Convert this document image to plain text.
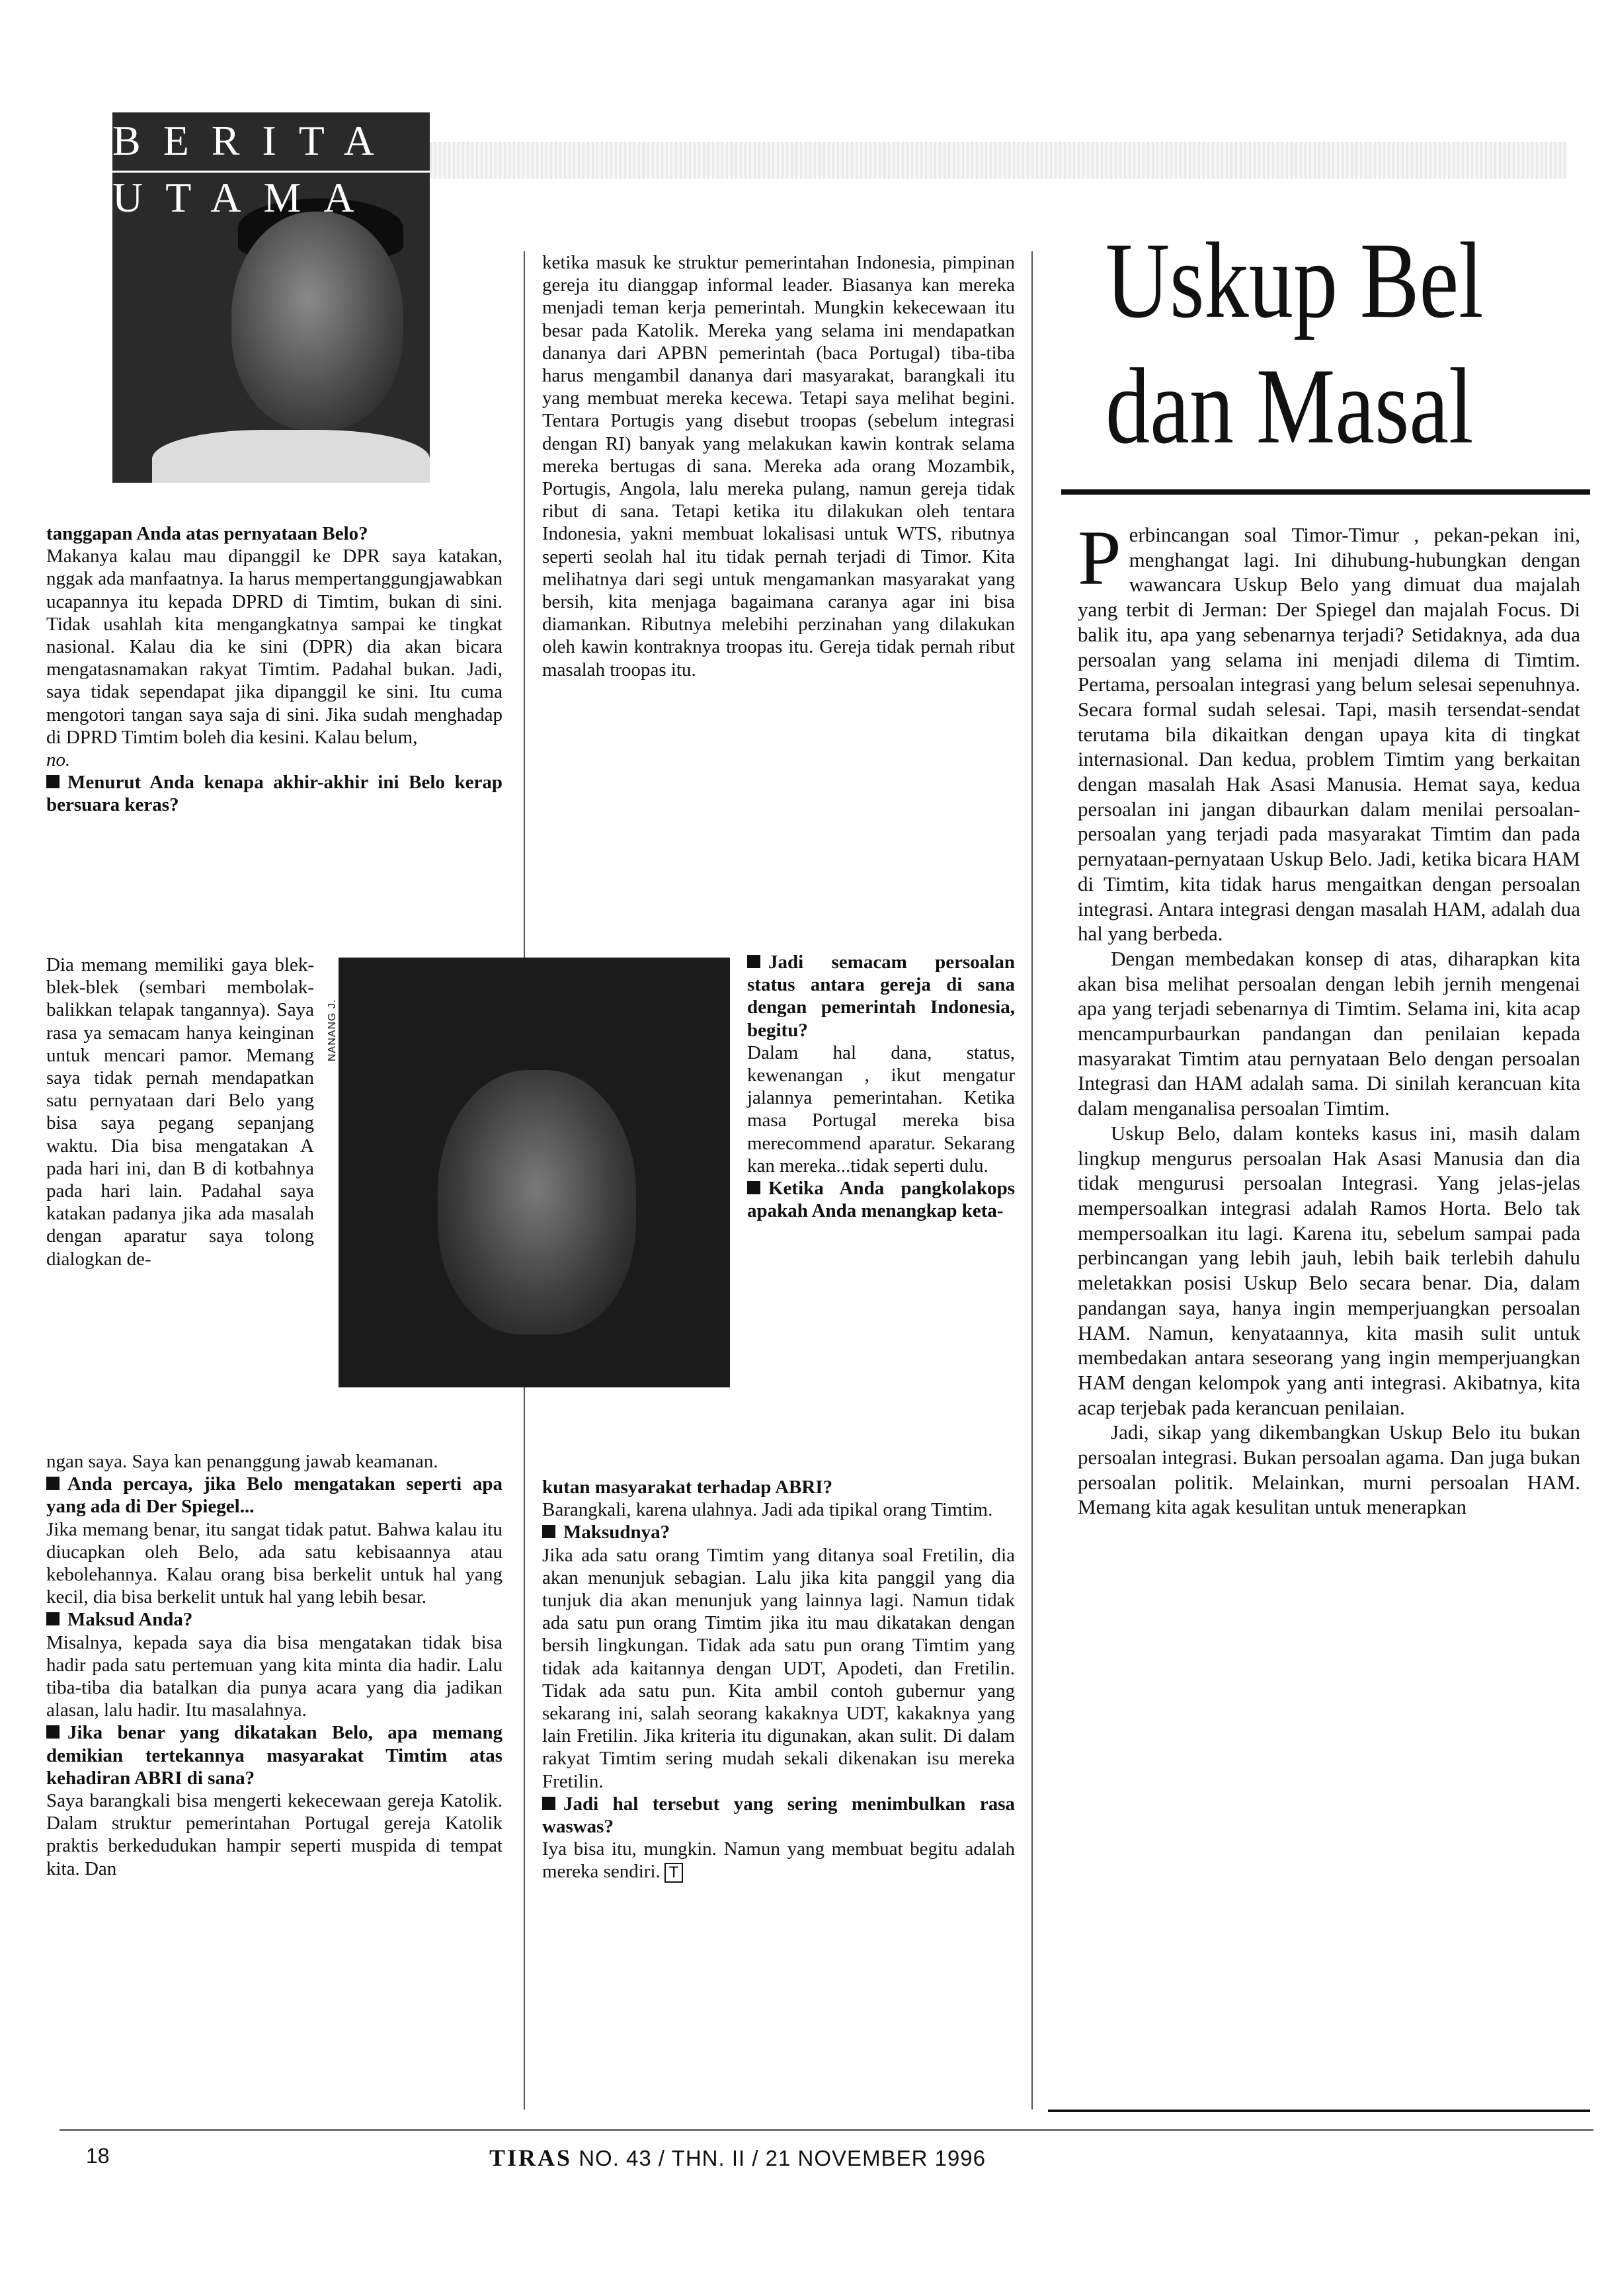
BERITA
UTAMA

tanggapan Anda atas pernyataan Belo?

Makanya kalau mau dipanggil ke DPR saya katakan, nggak ada manfaatnya. Ia harus mempertanggungjawabkan ucapannya itu kepada DPRD di Timtim, bukan di sini. Tidak usahlah kita mengangkatnya sampai ke tingkat nasional. Kalau dia ke sini (DPR) dia akan bicara mengatasnamakan rakyat Timtim. Padahal bukan. Jadi, saya tidak sependapat jika dipanggil ke sini. Itu cuma mengotori tangan saya saja di sini. Jika sudah menghadap di DPRD Timtim boleh dia kesini. Kalau belum,

no.

Menurut Anda kenapa akhir-akhir ini Belo kerap bersuara keras?

Dia memang memiliki gaya blek-blek-blek (sembari membolak-balikkan telapak tangannya). Saya rasa ya semacam hanya keinginan untuk mencari pamor. Memang saya tidak pernah mendapatkan satu pernyataan dari Belo yang bisa saya pegang sepanjang waktu. Dia bisa mengatakan A pada hari ini, dan B di kotbahnya pada hari lain. Padahal saya katakan padanya jika ada masalah dengan aparatur saya tolong dialogkan de-

ngan saya. Saya kan penanggung jawab keamanan.

Anda percaya, jika Belo mengatakan seperti apa yang ada di Der Spiegel...

Jika memang benar, itu sangat tidak patut. Bahwa kalau itu diucapkan oleh Belo, ada satu kebisaannya atau kebolehannya. Kalau orang bisa berkelit untuk hal yang kecil, dia bisa berkelit untuk hal yang lebih besar.

Maksud Anda?

Misalnya, kepada saya dia bisa mengatakan tidak bisa hadir pada satu pertemuan yang kita minta dia hadir. Lalu tiba-tiba dia batalkan dia punya acara yang dia jadikan alasan, lalu hadir. Itu masalahnya.

Jika benar yang dikatakan Belo, apa memang demikian tertekannya masyarakat Timtim atas kehadiran ABRI di sana?

Saya barangkali bisa mengerti kekecewaan gereja Katolik. Dalam struktur pemerintahan Portugal gereja Katolik praktis berkedudukan hampir seperti muspida di tempat kita. Dan

ketika masuk ke struktur pemerintahan Indonesia, pimpinan gereja itu dianggap informal leader. Biasanya kan mereka menjadi teman kerja pemerintah. Mungkin kekecewaan itu besar pada Katolik. Mereka yang selama ini mendapatkan dananya dari APBN pemerintah (baca Portugal) tiba-tiba harus mengambil dananya dari masyarakat, barangkali itu yang membuat mereka kecewa. Tetapi saya melihat begini. Tentara Portugis yang disebut troopas (sebelum integrasi dengan RI) banyak yang melakukan kawin kontrak selama mereka bertugas di sana. Mereka ada orang Mozambik, Portugis, Angola, lalu mereka pulang, namun gereja tidak ribut di sana. Tetapi ketika itu dilakukan oleh tentara Indonesia, yakni membuat lokalisasi untuk WTS, ributnya seperti seolah hal itu tidak pernah terjadi di Timor. Kita melihatnya dari segi untuk mengamankan masyarakat yang bersih, kita menjaga bagaimana caranya agar ini bisa diamankan. Ributnya melebihi perzinahan yang dilakukan oleh kawin kontraknya troopas itu. Gereja tidak pernah ribut masalah troopas itu.

NANANG J.

Jadi semacam persoalan status antara gereja di sana dengan pemerintah Indonesia, begitu?

Dalam hal dana, status, kewenangan , ikut mengatur jalannya pemerintahan. Ketika masa Portugal mereka bisa merecommend aparatur. Sekarang kan mereka...tidak seperti dulu.

Ketika Anda pangkolakops apakah Anda menangkap keta-

kutan masyarakat terhadap ABRI?

Barangkali, karena ulahnya. Jadi ada tipikal orang Timtim.

Maksudnya?

Jika ada satu orang Timtim yang ditanya soal Fretilin, dia akan menunjuk sebagian. Lalu jika kita panggil yang dia tunjuk dia akan menunjuk yang lainnya lagi. Namun tidak ada satu pun orang Timtim jika itu mau dikatakan dengan bersih lingkungan. Tidak ada satu pun orang Timtim yang tidak ada kaitannya dengan UDT, Apodeti, dan Fretilin. Tidak ada satu pun. Kita ambil contoh gubernur yang sekarang ini, salah seorang kakaknya UDT, kakaknya yang lain Fretilin. Jika kriteria itu digunakan, akan sulit. Di dalam rakyat Timtim sering mudah sekali dikenakan isu mereka Fretilin.

Jadi hal tersebut yang sering menimbulkan rasa waswas?

Iya bisa itu, mungkin. Namun yang membuat begitu adalah mereka sendiri. T

Uskup Bel
dan Masal
P erbincangan soal Timor-Timur , pekan-pekan ini, menghangat lagi. Ini dihubung-hubungkan dengan wawancara Uskup Belo yang dimuat dua majalah yang terbit di Jerman: Der Spiegel dan majalah Focus. Di balik itu, apa yang sebenarnya terjadi? Setidaknya, ada dua persoalan yang selama ini menjadi dilema di Timtim. Pertama, persoalan integrasi yang belum selesai sepenuhnya. Secara formal sudah selesai. Tapi, masih tersendat-sendat terutama bila dikaitkan dengan upaya kita di tingkat internasional. Dan kedua, problem Timtim yang berkaitan dengan masalah Hak Asasi Manusia. Hemat saya, kedua persoalan ini jangan dibaurkan dalam menilai persoalan-persoalan yang terjadi pada masyarakat Timtim dan pada pernyataan-pernyataan Uskup Belo. Jadi, ketika bicara HAM di Timtim, kita tidak harus mengaitkan dengan persoalan integrasi. Antara integrasi dengan masalah HAM, adalah dua hal yang berbeda.

Dengan membedakan konsep di atas, diharapkan kita akan bisa melihat persoalan dengan lebih jernih mengenai apa yang terjadi sebenarnya di Timtim. Selama ini, kita acap mencampurbaurkan pandangan dan penilaian kepada masyarakat Timtim atau pernyataan Belo dengan persoalan Integrasi dan HAM adalah sama. Di sinilah kerancuan kita dalam menganalisa persoalan Timtim.

Uskup Belo, dalam konteks kasus ini, masih dalam lingkup mengurus persoalan Hak Asasi Manusia dan dia tidak mengurusi persoalan Integrasi. Yang jelas-jelas mempersoalkan integrasi adalah Ramos Horta. Belo tak mempersoalkan itu lagi. Karena itu, sebelum sampai pada perbincangan yang lebih jauh, lebih baik terlebih dahulu meletakkan posisi Uskup Belo secara benar. Dia, dalam pandangan saya, hanya ingin memperjuangkan persoalan HAM. Namun, kenyataannya, kita masih sulit untuk membedakan antara seseorang yang ingin memperjuangkan HAM dengan kelompok yang anti integrasi. Akibatnya, kita acap terjebak pada kerancuan penilaian.

Jadi, sikap yang dikembangkan Uskup Belo itu bukan persoalan integrasi. Bukan persoalan agama. Dan juga bukan persoalan politik. Melainkan, murni persoalan HAM. Memang kita agak kesulitan untuk menerapkan

18	TIRAS NO. 43 / THN. II / 21 NOVEMBER 1996
